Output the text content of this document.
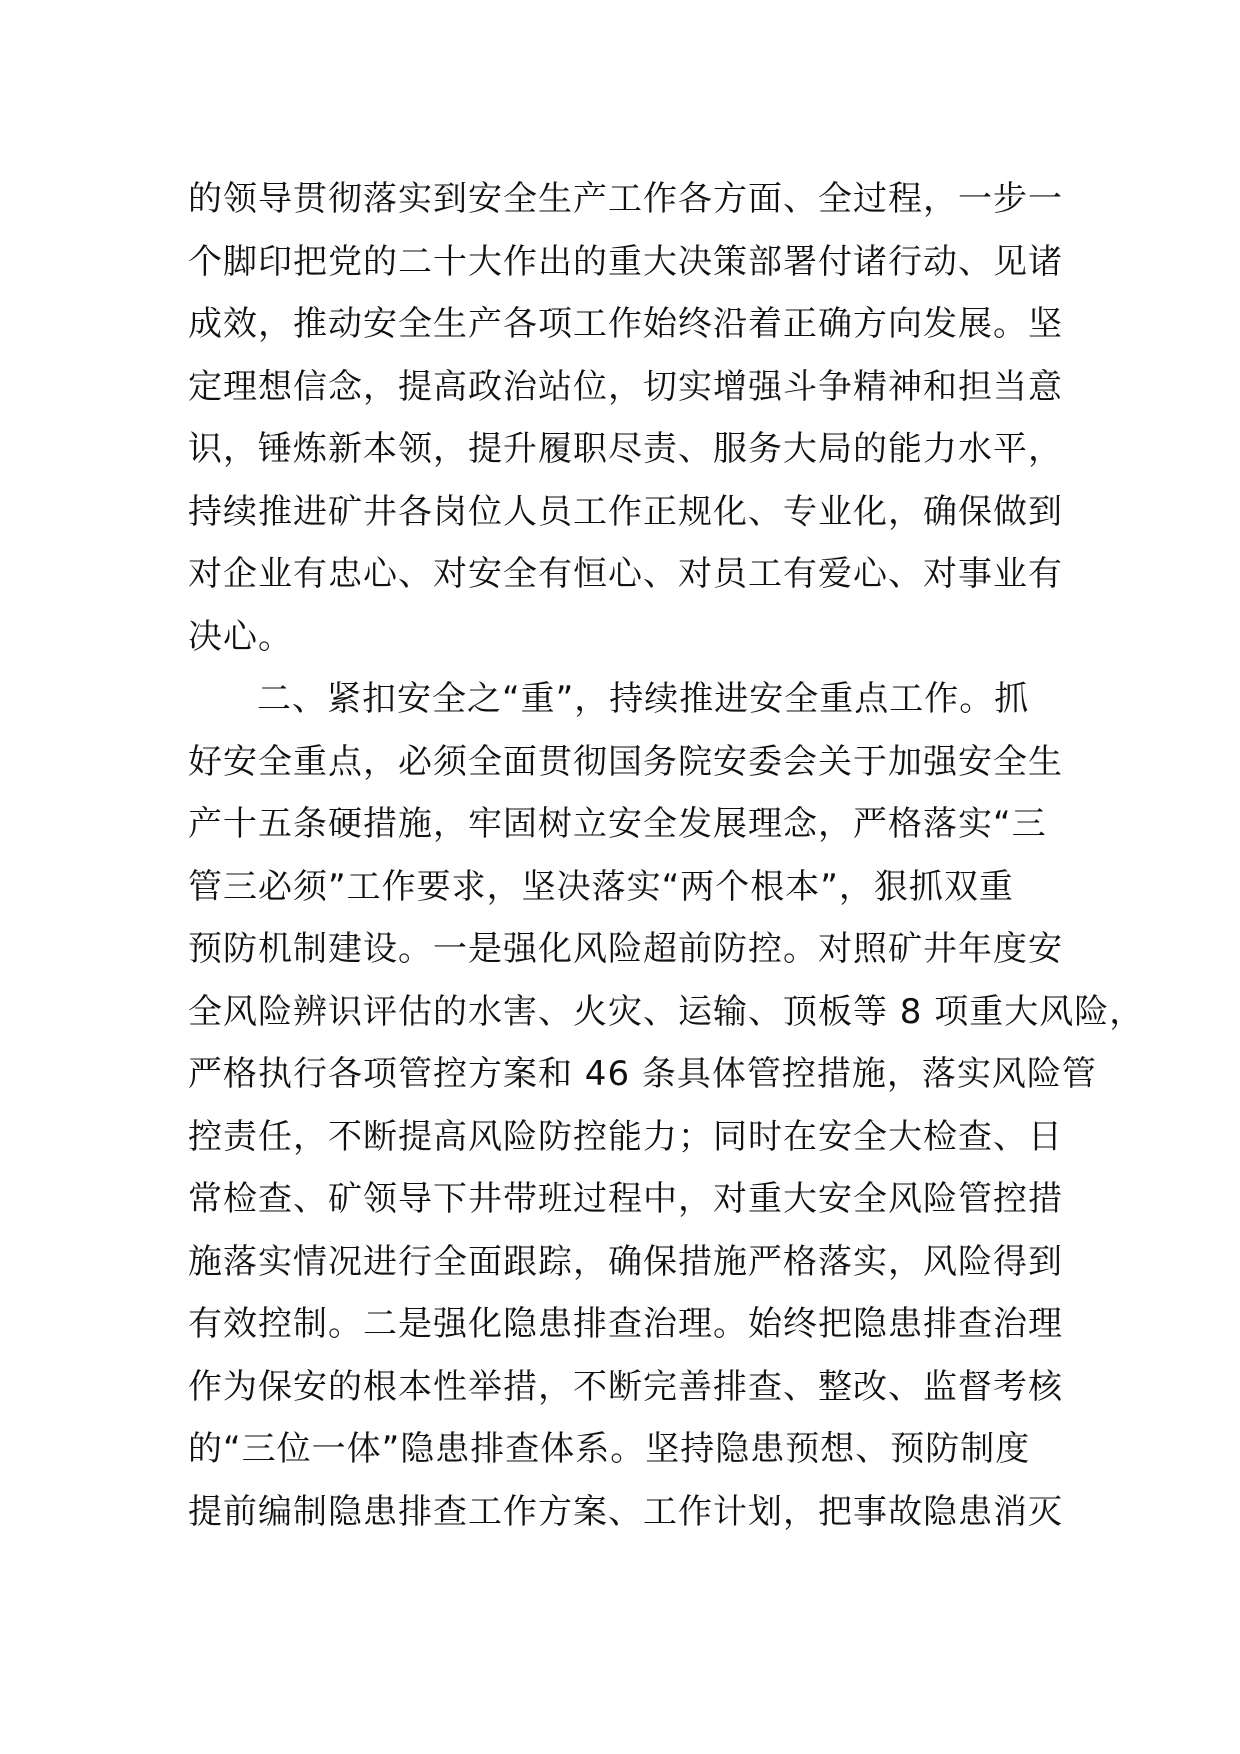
的领导贯彻落实到安全生产工作各方面、全过程，一步一
个脚印把党的二十大作出的重大决策部署付诸行动、见诸
成效，推动安全生产各项工作始终沿着正确方向发展。坚
定理想信念，提高政治站位，切实增强斗争精神和担当意
识，锤炼新本领，提升履职尽责、服务大局的能力水平，
持续推进矿井各岗位人员工作正规化、专业化，确保做到
对企业有忠心、对安全有恒心、对员工有爱心、对事业有
决心。
二、紧扣安全之“重”，持续推进安全重点工作。抓
好安全重点，必须全面贯彻国务院安委会关于加强安全生
产十五条硬措施，牢固树立安全发展理念，严格落实“三
管三必须”工作要求，坚决落实“两个根本”，狠抓双重
预防机制建设。一是强化风险超前防控。对照矿井年度安
全风险辨识评估的水害、火灾、运输、顶板等 8 项重大风险，
严格执行各项管控方案和 46 条具体管控措施，落实风险管
控责任，不断提高风险防控能力；同时在安全大检查、日
常检查、矿领导下井带班过程中，对重大安全风险管控措
施落实情况进行全面跟踪，确保措施严格落实，风险得到
有效控制。二是强化隐患排查治理。始终把隐患排查治理
作为保安的根本性举措，不断完善排查、整改、监督考核
的“三位一体”隐患排查体系。坚持隐患预想、预防制度
提前编制隐患排查工作方案、工作计划，把事故隐患消灭
